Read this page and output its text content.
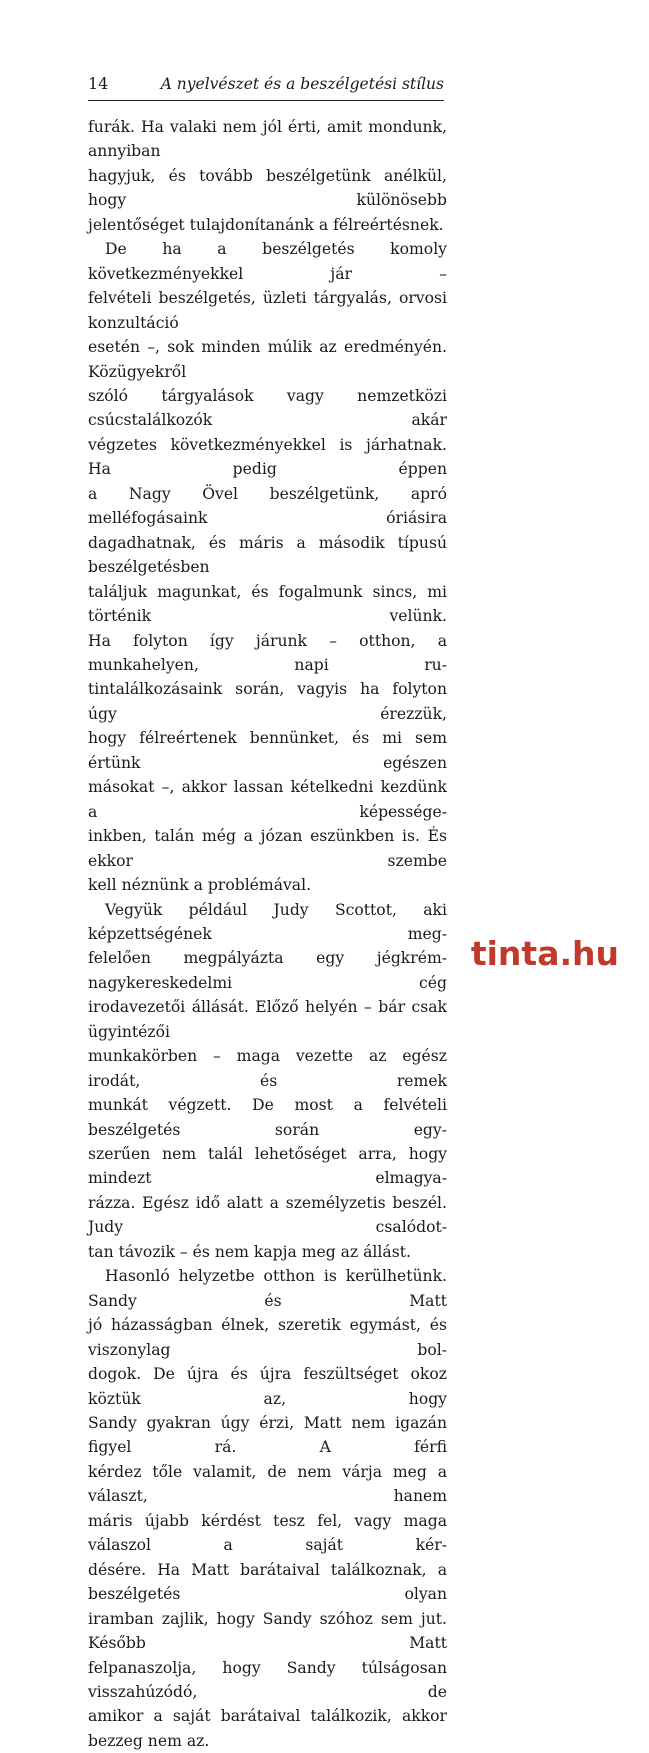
14	A nyelvészet és a beszélgetési stílus

furák. Ha valaki nem jól érti, amit mondunk, annyiban

hagyjuk, és tovább beszélgetünk anélkül, hogy különösebb

jelentőséget tulajdonítanánk a félreértésnek.

De ha a beszélgetés komoly következményekkel jár –

felvételi beszélgetés, üzleti tárgyalás, orvosi konzultáció

esetén –, sok minden múlik az eredményén. Közügyekről

szóló tárgyalások vagy nemzetközi csúcstalálkozók akár

végzetes következményekkel is járhatnak. Ha pedig éppen

a Nagy Övel beszélgetünk, apró melléfogásaink óriásira

dagadhatnak, és máris a második típusú beszélgetésben

találjuk magunkat, és fogalmunk sincs, mi történik velünk.

Ha folyton így járunk – otthon, a munkahelyen, napi ru-

tintalálkozásaink során, vagyis ha folyton úgy érezzük,

hogy félreértenek bennünket, és mi sem értünk egészen

másokat –, akkor lassan kételkedni kezdünk a képessége-

inkben, talán még a józan eszünkben is. És ekkor szembe

kell néznünk a problémával.

Vegyük például Judy Scottot, aki képzettségének meg-

felelően megpályázta egy jégkrém-nagykereskedelmi cég

irodavezetői állását. Előző helyén – bár csak ügyintézői

munkakörben – maga vezette az egész irodát, és remek

munkát végzett. De most a felvételi beszélgetés során egy-

szerűen nem talál lehetőséget arra, hogy mindezt elmagya-

rázza. Egész idő alatt a személyzetis beszél. Judy csalódot-

tan távozik – és nem kapja meg az állást.

Hasonló helyzetbe otthon is kerülhetünk. Sandy és Matt

jó házasságban élnek, szeretik egymást, és viszonylag bol-

dogok. De újra és újra feszültséget okoz köztük az, hogy

Sandy gyakran úgy érzi, Matt nem igazán figyel rá. A férfi

kérdez tőle valamit, de nem várja meg a választ, hanem

máris újabb kérdést tesz fel, vagy maga válaszol a saját kér-

désére. Ha Matt barátaival találkoznak, a beszélgetés olyan

iramban zajlik, hogy Sandy szóhoz sem jut. Később Matt

felpanaszolja, hogy Sandy túlságosan visszahúzódó, de

amikor a saját barátaival találkozik, akkor bezzeg nem az.

tinta.hu
